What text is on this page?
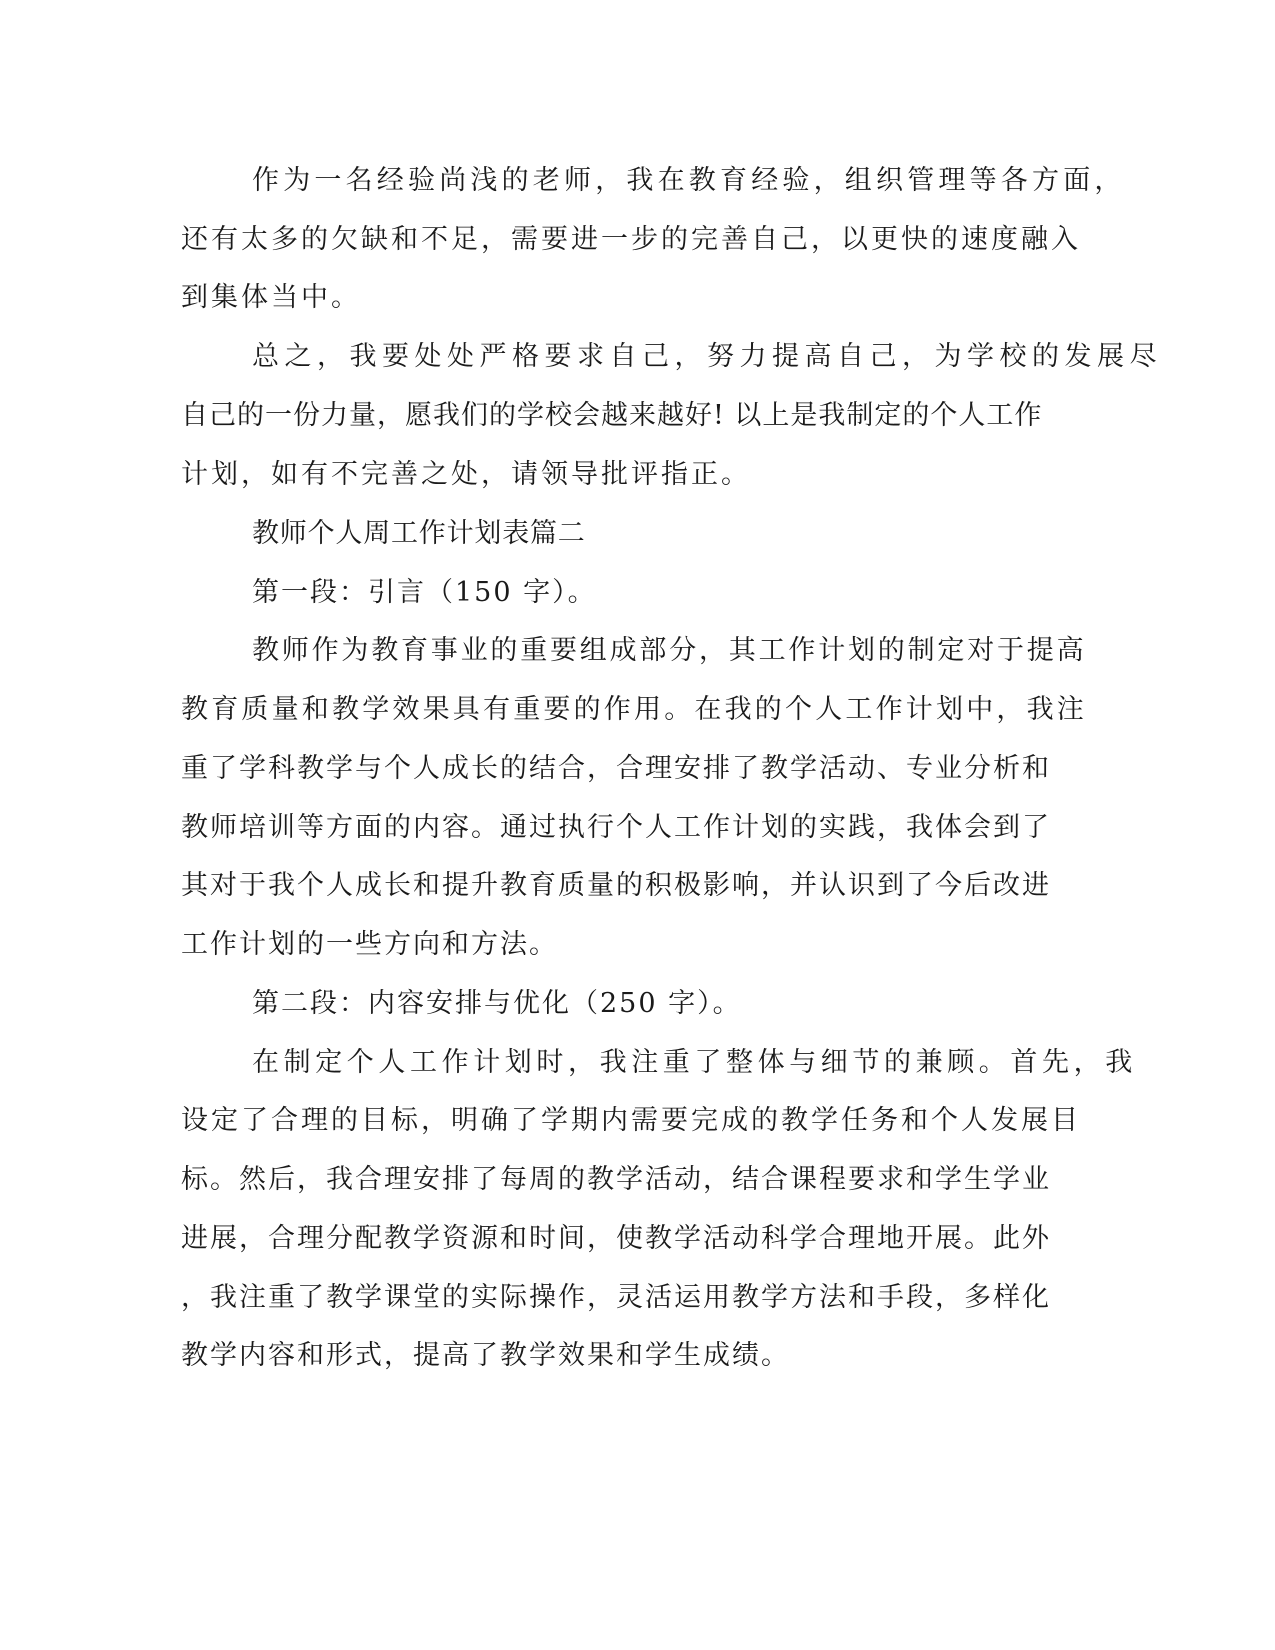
作为一名经验尚浅的老师，我在教育经验，组织管理等各方面，
还有太多的欠缺和不足，需要进一步的完善自己，以更快的速度融入
到集体当中。
总之，我要处处严格要求自己，努力提高自己，为学校的发展尽
自己的一份力量，愿我们的学校会越来越好! 以上是我制定的个人工作
计划，如有不完善之处，请领导批评指正。
教师个人周工作计划表篇二
第一段：引言（150 字）。
教师作为教育事业的重要组成部分，其工作计划的制定对于提高
教育质量和教学效果具有重要的作用。在我的个人工作计划中，我注
重了学科教学与个人成长的结合，合理安排了教学活动、专业分析和
教师培训等方面的内容。通过执行个人工作计划的实践，我体会到了
其对于我个人成长和提升教育质量的积极影响，并认识到了今后改进
工作计划的一些方向和方法。
第二段：内容安排与优化（250 字）。
在制定个人工作计划时，我注重了整体与细节的兼顾。首先，我
设定了合理的目标，明确了学期内需要完成的教学任务和个人发展目
标。然后，我合理安排了每周的教学活动，结合课程要求和学生学业
进展，合理分配教学资源和时间，使教学活动科学合理地开展。此外
，我注重了教学课堂的实际操作，灵活运用教学方法和手段，多样化
教学内容和形式，提高了教学效果和学生成绩。
